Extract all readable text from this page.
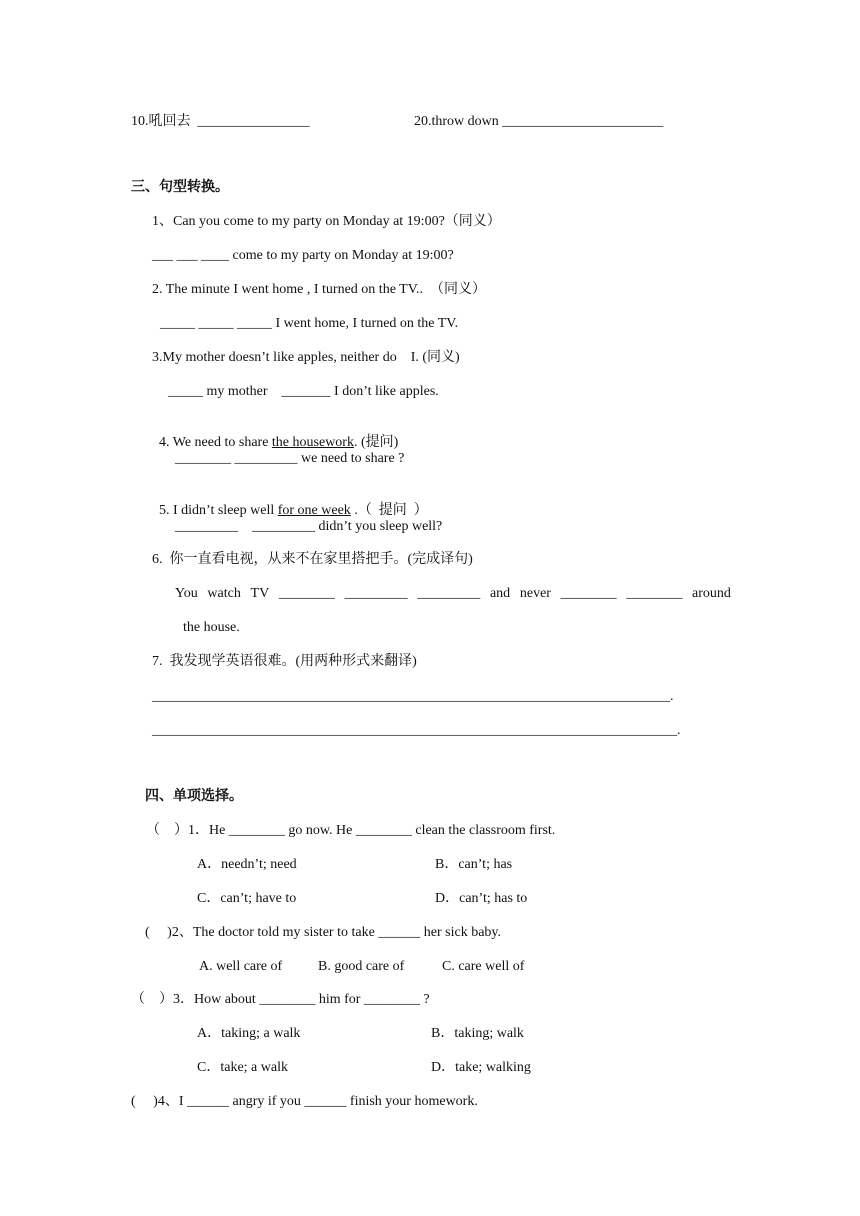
10.吼回去  ________________	20.throw down _______________________
三、句型转换。
1、Can you come to my party on Monday at 19:00?（同义）
___ ___ ____ come to my party on Monday at 19:00?
2. The minute I went home , I turned on the TV..  （同义）
_____ _____ _____ I went home, I turned on the TV.
3.My mother doesn’t like apples, neither do    I. (同义)
_____ my mother    _______ I don’t like apples.

4. We need to share the housework. (提问)

________ _________ we need to share ?

5. I didn’t sleep well for one week .（  提问  ）

_________    _________ didn’t you sleep well?
6.  你一直看电视，从来不在家里搭把手。(完成译句)
You watch TV ________ _________ _________ and never ________ ________ around
the house.
7.  我发现学英语很难。(用两种形式来翻译)
__________________________________________________________________________.
___________________________________________________________________________.
四、单项选择。
（    ）1．He ________ go now. He ________ clean the classroom first.
A．needn’t; need	B．can’t; has
C．can’t; have to	D．can’t; has to
(     )2、The doctor told my sister to take ______ her sick baby.
A. well care of	B. good care of	C. care well of
（    ）3．How about ________ him for ________ ?
A．taking; a walk	B．taking; walk
C．take; a walk	D．take; walking
(     )4、I ______ angry if you ______ finish your homework.
